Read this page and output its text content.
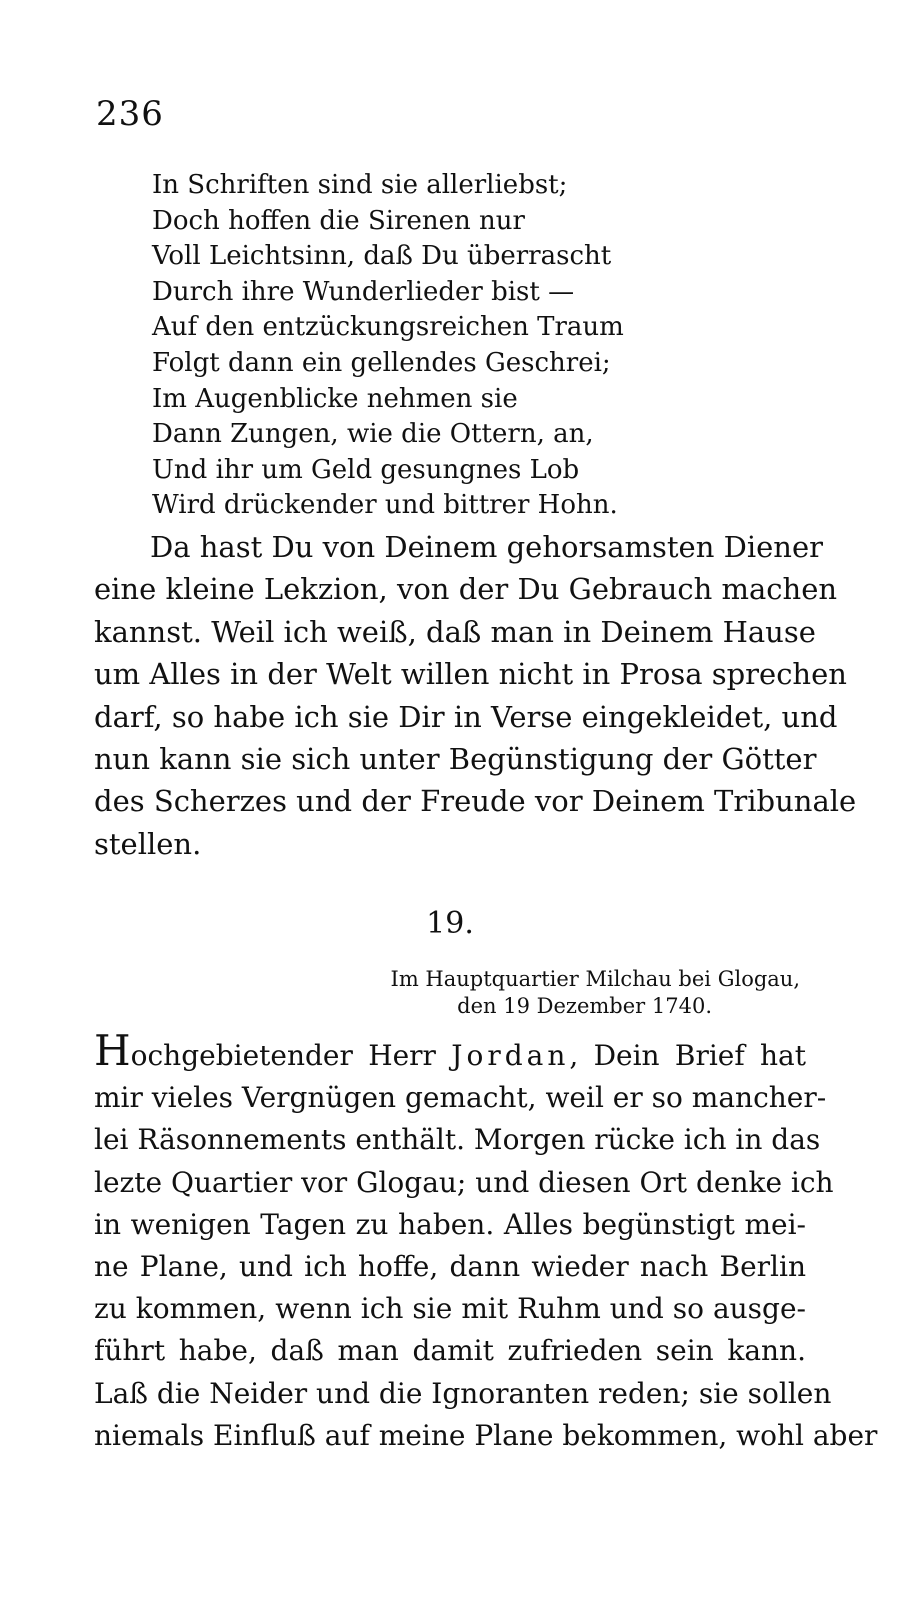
236
In Schriften sind sie allerliebst;
Doch hoffen die Sirenen nur
Voll Leichtsinn, daß Du überrascht
Durch ihre Wunderlieder bist —
Auf den entzückungsreichen Traum
Folgt dann ein gellendes Geschrei;
Im Augenblicke nehmen sie
Dann Zungen, wie die Ottern, an,
Und ihr um Geld gesungnes Lob
Wird drückender und bittrer Hohn.
Da hast Du von Deinem gehorsamsten Diener
eine kleine Lekzion, von der Du Gebrauch machen
kannst. Weil ich weiß, daß man in Deinem Hause
um Alles in der Welt willen nicht in Prosa sprechen
darf, so habe ich sie Dir in Verse eingekleidet, und
nun kann sie sich unter Begünstigung der Götter
des Scherzes und der Freude vor Deinem Tribunale
stellen.
19.
Im Hauptquartier Milchau bei Glogau,
den 19 Dezember 1740.
Hochgebietender Herr Jordan, Dein Brief hat
mir vieles Vergnügen gemacht, weil er so mancher-
lei Räsonnements enthält. Morgen rücke ich in das
lezte Quartier vor Glogau; und diesen Ort denke ich
in wenigen Tagen zu haben. Alles begünstigt mei-
ne Plane, und ich hoffe, dann wieder nach Berlin
zu kommen, wenn ich sie mit Ruhm und so ausge-
führt habe, daß man damit zufrieden sein kann.
Laß die Neider und die Ignoranten reden; sie sollen
niemals Einfluß auf meine Plane bekommen, wohl aber
